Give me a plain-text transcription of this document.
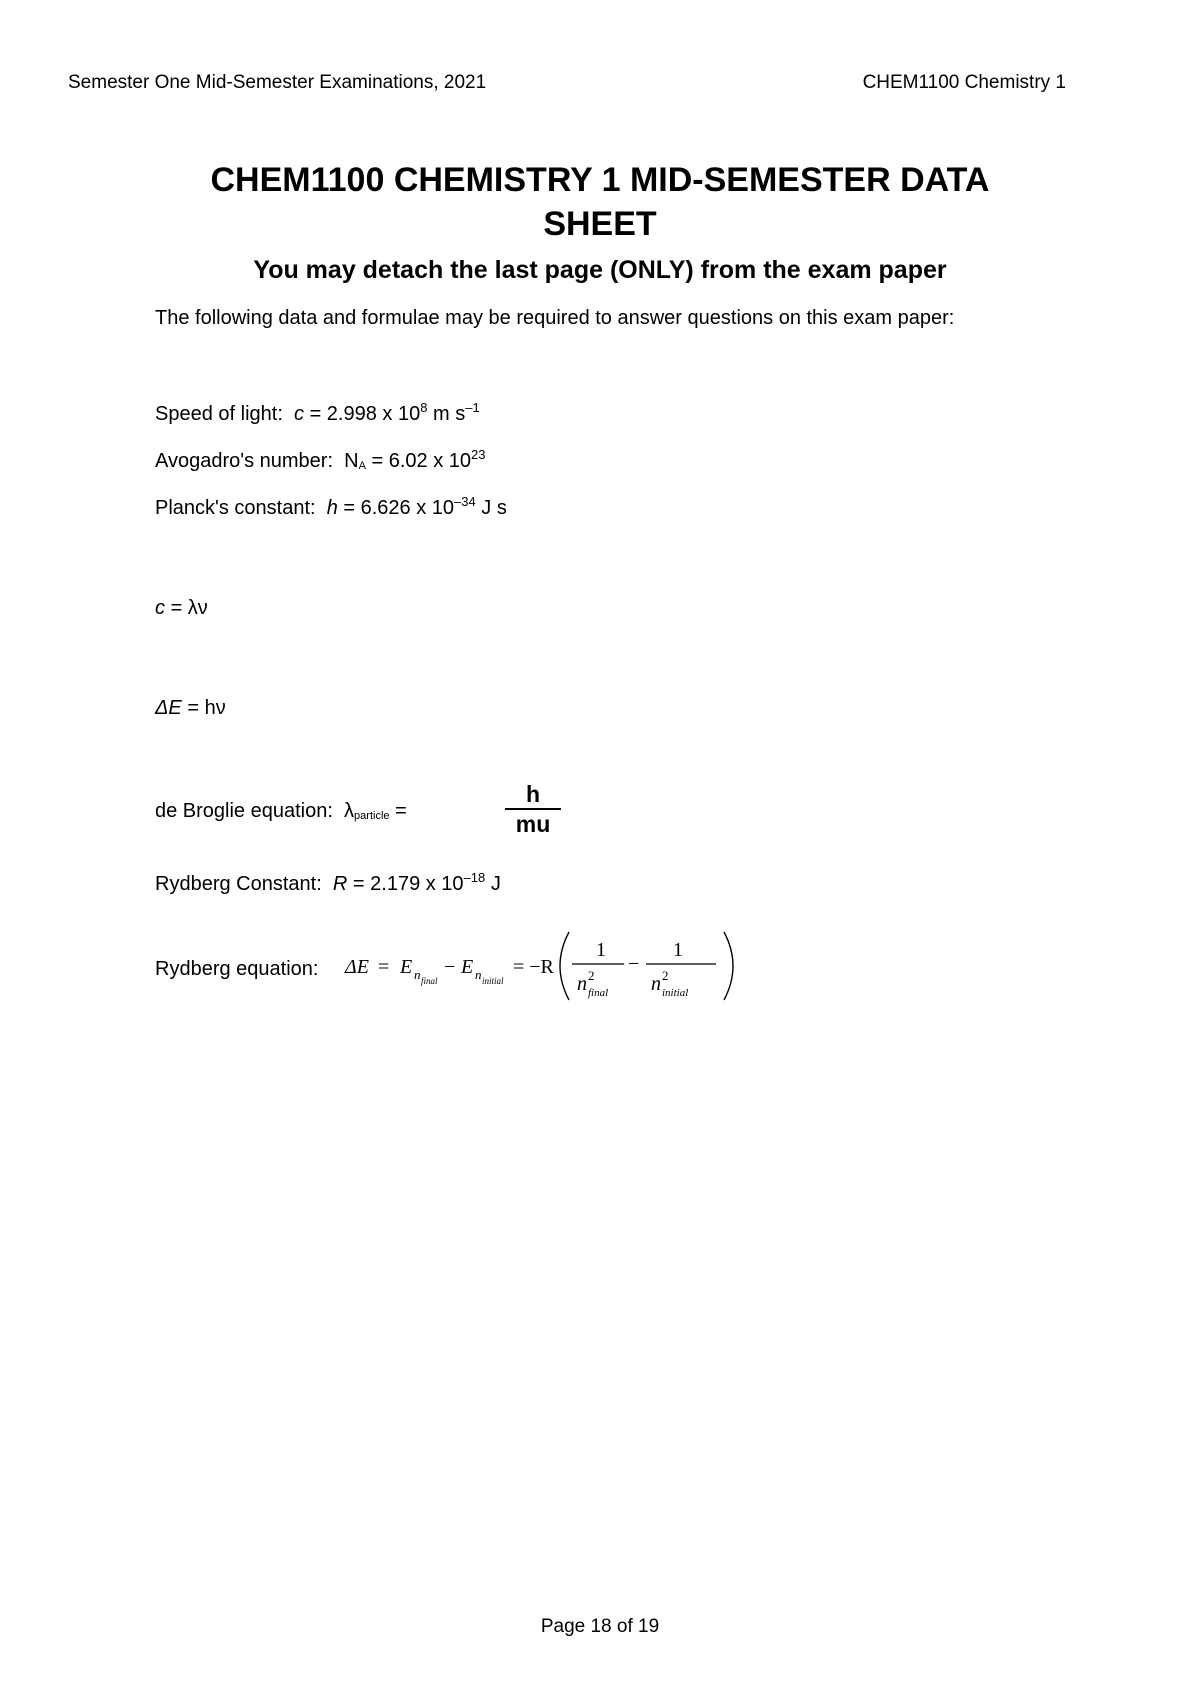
Semester One Mid-Semester Examinations, 2021	CHEM1100 Chemistry 1
CHEM1100 CHEMISTRY 1 MID-SEMESTER DATA SHEET
You may detach the last page (ONLY) from the exam paper
The following data and formulae may be required to answer questions on this exam paper:
Speed of light: c = 2.998 x $10^8$ m $s^{-1}$
Avogadro's number: $N_A = 6.02$ x $10^{23}$
Planck's constant: h = 6.626 x $10^{-34}$ J s
c = λν
ΔE = hν
de Broglie equation: $\lambda_{particle}$ =
h
mu
Rydberg Constant: R = 2.179 x $10^{-18}$ J
Rydberg equation: ΔE = E n final
− E n initial
= −R
1
n 2
final
−
1
n 2
initial
Page 18 of 19
